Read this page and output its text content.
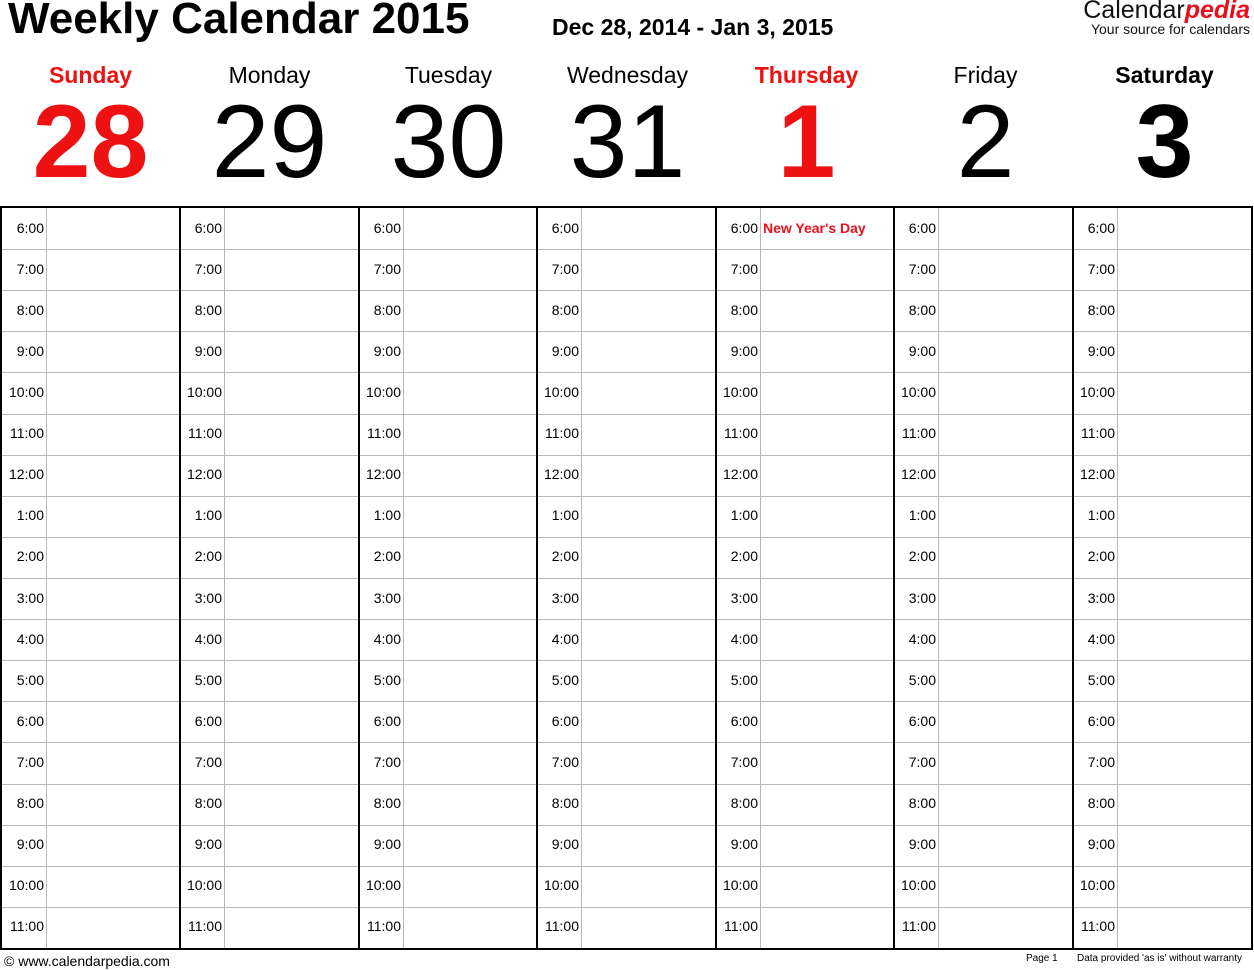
Weekly Calendar 2015	Dec 28, 2014 - Jan 3, 2015
Calendarpedia
Your source for calendars
Sunday
28
Monday
29
Tuesday
30
Wednesday
31
Thursday
1
Friday
2
Saturday
3
6:00
7:00
8:00
9:00
10:00
11:00
12:00
1:00
2:00
3:00
4:00
5:00
6:00
7:00
8:00
9:00
10:00
11:00
6:00
7:00
8:00
9:00
10:00
11:00
12:00
1:00
2:00
3:00
4:00
5:00
6:00
7:00
8:00
9:00
10:00
11:00
6:00
7:00
8:00
9:00
10:00
11:00
12:00
1:00
2:00
3:00
4:00
5:00
6:00
7:00
8:00
9:00
10:00
11:00
6:00
7:00
8:00
9:00
10:00
11:00
12:00
1:00
2:00
3:00
4:00
5:00
6:00
7:00
8:00
9:00
10:00
11:00
6:00
7:00
8:00
9:00
10:00
11:00
12:00
1:00
2:00
3:00
4:00
5:00
6:00
7:00
8:00
9:00
10:00
11:00
6:00
7:00
8:00
9:00
10:00
11:00
12:00
1:00
2:00
3:00
4:00
5:00
6:00
7:00
8:00
9:00
10:00
11:00
6:00
7:00
8:00
9:00
10:00
11:00
12:00
1:00
2:00
3:00
4:00
5:00
6:00
7:00
8:00
9:00
10:00
11:00
New Year's Day
© www.calendarpedia.com	Page 1 Data provided 'as is' without warranty
